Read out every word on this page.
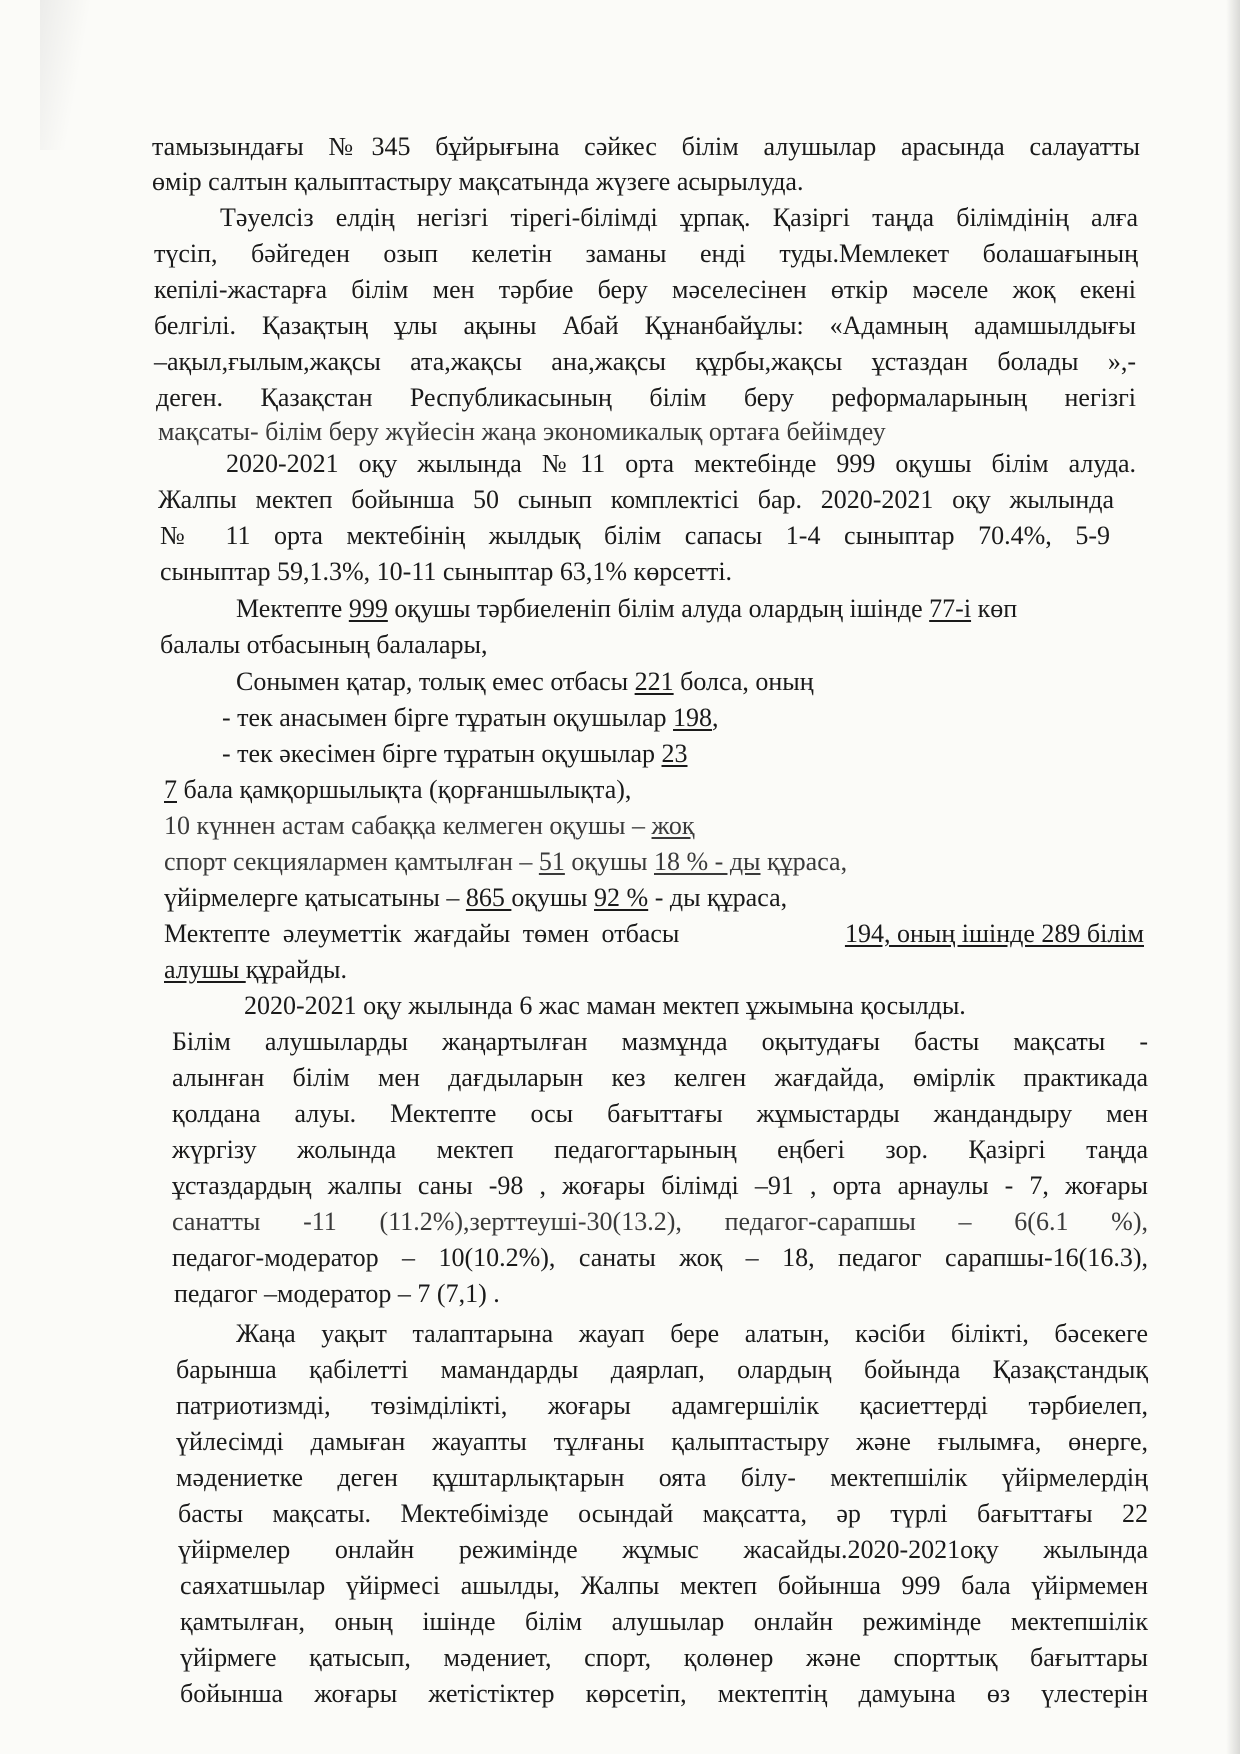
тамызындағы №345 бұйрығына сәйкес білім алушылар арасында салауатты
өмір салтын қалыптастыру мақсатында жүзеге асырылуда.
Тәуелсіз елдің негізгі тірегі-білімді ұрпақ. Қазіргі таңда білімдінің алға
түсіп, бәйгеден озып келетін заманы енді туды.Мемлекет болашағының
кепілі-жастарға білім мен тәрбие беру мәселесінен өткір мәселе жоқ екені
белгілі. Қазақтың ұлы ақыны Абай Құнанбайұлы: «Адамның адамшылдығы
–ақыл,ғылым,жақсы ата,жақсы ана,жақсы құрбы,жақсы ұстаздан болады »,-
деген. Қазақстан Республикасының білім беру реформаларының негізгі
мақсаты- білім беру жүйесін жаңа экономикалық ортаға бейімдеу
2020-2021 оқу жылында №11 орта мектебінде 999 оқушы білім алуда.
Жалпы мектеп бойынша 50 сынып комплектісі бар. 2020-2021 оқу жылында
№ 11 орта мектебінің жылдық білім сапасы 1-4 сыныптар 70.4%, 5-9
сыныптар 59,1.3%, 10-11 сыныптар 63,1% көрсетті.
Мектепте 999 оқушы тәрбиеленіп білім алуда олардың ішінде 77-і көп
балалы отбасының балалары,
Сонымен қатар, толық емес отбасы 221 болса, оның
- тек анасымен бірге тұратын оқушылар 198,
- тек әкесімен бірге тұратын оқушылар 23
7 бала қамқоршылықта (қорғаншылықта),
10 күннен астам сабаққа келмеген оқушы – жоқ
спорт секциялармен қамтылған – 51 оқушы 18 % - ды құраса,
үйірмелерге қатысатыны – 865 оқушы 92 % - ды құраса,
Мектепте әлеуметтік жағдайы төмен отбасы	194, оның ішінде 289 білім
алушы құрайды.
2020-2021 оқу жылында 6 жас маман мектеп ұжымына қосылды.
Білім алушыларды жаңартылған мазмұнда оқытудағы басты мақсаты -
алынған білім мен дағдыларын кез келген жағдайда, өмірлік практикада
қолдана алуы. Мектепте осы бағыттағы жұмыстарды жандандыру мен
жүргізу жолында мектеп педагогтарының еңбегі зор. Қазіргі таңда
ұстаздардың жалпы саны -98 , жоғары білімді –91 , орта арнаулы - 7, жоғары
санатты -11 (11.2%),зерттеуші-30(13.2), педагог-сарапшы – 6(6.1 %),
педагог-модератор – 10(10.2%), санаты жоқ – 18, педагог сарапшы-16(16.3),
педагог –модератор – 7 (7,1) .
Жаңа уақыт талаптарына жауап бере алатын, кәсіби білікті, бәсекеге
барынша қабілетті мамандарды даярлап, олардың бойында Қазақстандық
патриотизмді, төзімділікті, жоғары адамгершілік қасиеттерді тәрбиелеп,
үйлесімді дамыған жауапты тұлғаны қалыптастыру және ғылымға, өнерге,
мәдениетке деген құштарлықтарын оята білу- мектепшілік үйірмелердің
басты мақсаты. Мектебімізде осындай мақсатта, әр түрлі бағыттағы 22
үйірмелер онлайн режимінде жұмыс жасайды.2020-2021оқу жылында
саяхатшылар үйірмесі ашылды, Жалпы мектеп бойынша 999 бала үйірмемен
қамтылған, оның ішінде білім алушылар онлайн режимінде мектепшілік
үйірмеге қатысып, мәдениет, спорт, қолөнер және спорттық бағыттары
бойынша жоғары жетістіктер көрсетіп, мектептің дамуына өз үлестерін
